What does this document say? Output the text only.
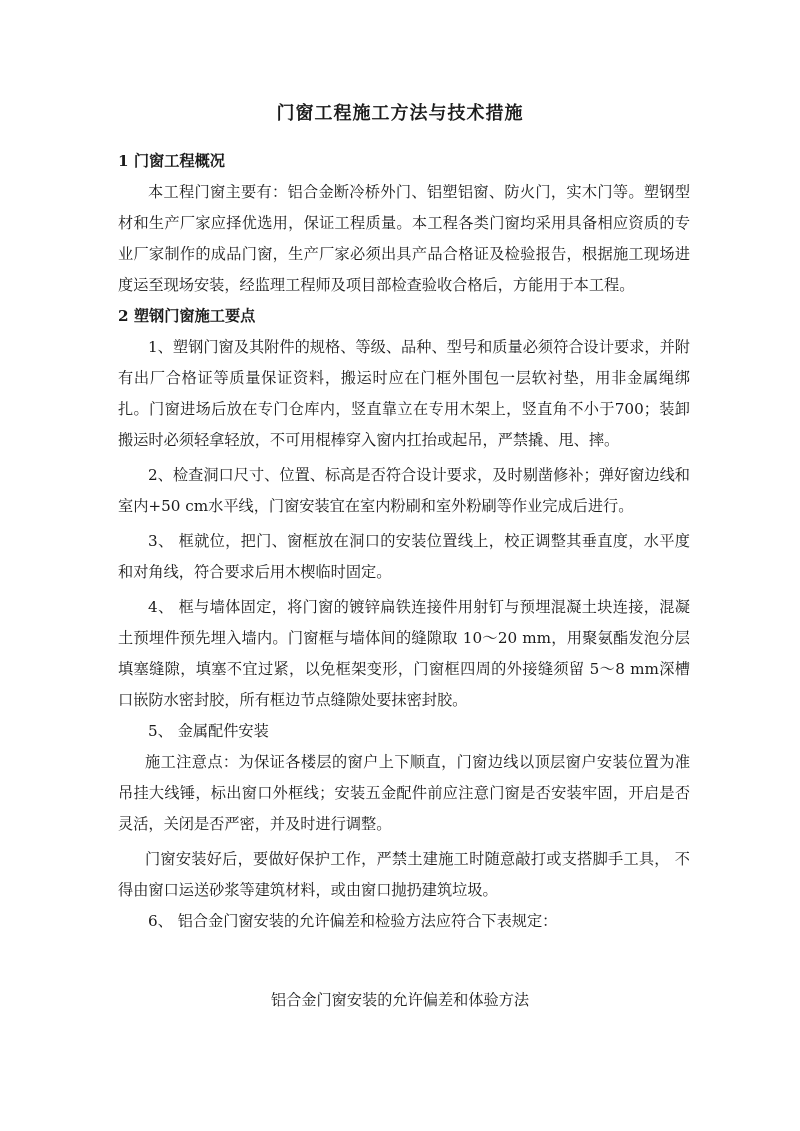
门窗工程施工方法与技术措施

1 门窗工程概况

本工程门窗主要有：铝合金断冷桥外门、铝塑铝窗、防火门，实木门等。塑钢型材和生产厂家应择优选用，保证工程质量。本工程各类门窗均采用具备相应资质的专业厂家制作的成品门窗，生产厂家必须出具产品合格证及检验报告，根据施工现场进度运至现场安装，经监理工程师及项目部检查验收合格后，方能用于本工程。

2 塑钢门窗施工要点

1、塑钢门窗及其附件的规格、等级、品种、型号和质量必须符合设计要求，并附有出厂合格证等质量保证资料，搬运时应在门框外围包一层软衬垫，用非金属绳绑扎。门窗进场后放在专门仓库内，竖直靠立在专用木架上，竖直角不小于700；装卸搬运时必须轻拿轻放，不可用棍棒穿入窗内扛抬或起吊，严禁撬、甩、摔。

2、检查洞口尺寸、位置、标高是否符合设计要求，及时剔凿修补；弹好窗边线和室内+50 cm水平线，门窗安装宜在室内粉刷和室外粉刷等作业完成后进行。

3、 框就位，把门、窗框放在洞口的安装位置线上，校正调整其垂直度，水平度和对角线，符合要求后用木楔临时固定。

4、 框与墙体固定，将门窗的镀锌扁铁连接件用射钉与预埋混凝土块连接，混凝土预埋件预先埋入墙内。门窗框与墙体间的缝隙取 10～20 mm，用聚氨酯发泡分层填塞缝隙，填塞不宜过紧，以免框架变形，门窗框四周的外接缝须留 5～8 mm深槽口嵌防水密封胶，所有框边节点缝隙处要抹密封胶。

5、 金属配件安装

施工注意点：为保证各楼层的窗户上下顺直，门窗边线以顶层窗户安装位置为准吊挂大线锤，标出窗口外框线；安装五金配件前应注意门窗是否安装牢固，开启是否灵活，关闭是否严密，并及时进行调整。

门窗安装好后，要做好保护工作，严禁土建施工时随意敲打或支搭脚手工具， 不得由窗口运送砂浆等建筑材料，或由窗口抛扔建筑垃圾。

6、 铝合金门窗安装的允许偏差和检验方法应符合下表规定：

铝合金门窗安装的允许偏差和体验方法
